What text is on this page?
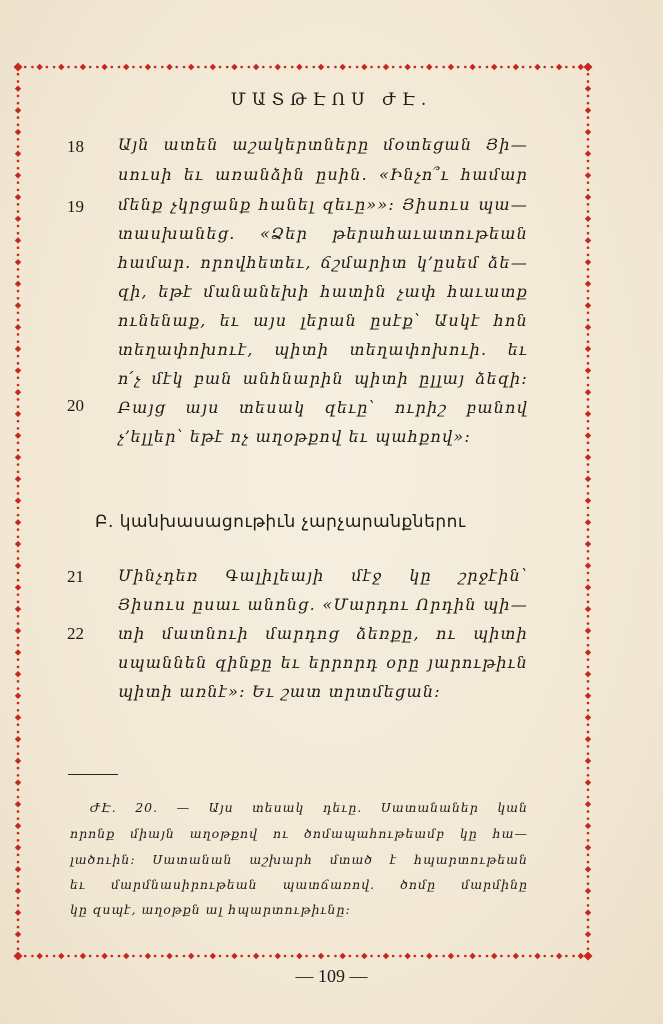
ՄԱՏԹԷՈՍ ԺԷ.
18
19
20
Այն ատեն աշակերտները մօտեցան Յի—
սուսի եւ առանձին ըսին. «Ինչո՞ւ համար
մենք չկրցանք հանել զեւը»»: Յիսուս պա—
տասխանեց. «Ձեր թերահաւատութեան
համար. որովհետեւ, ճշմարիտ կ՚ըսեմ ձե—
զի, եթէ մանանեխի հատին չափ հաւատք
ունենաք, եւ այս լերան ըսէք՝ Ասկէ հոն
տեղափոխուէ, պիտի տեղափոխուի. եւ
ո՛չ մէկ բան անհնարին պիտի ըլլայ ձեզի:
Բայց այս տեսակ զեւը՝ ուրիշ բանով
չ՚ելլեր՝ եթէ ոչ աղօթքով եւ պահքով»:
Բ. կանխասացութիւն չարչարանքներու
21
22
Մինչդեռ Գալիլեայի մէջ կը շրջէին՝
Յիսուս ըսաւ անոնց. «Մարդու Որդին պի—
տի մատնուի մարդոց ձեռքը, ու պիտի
սպաննեն զինքը եւ երրորդ օրը յարութիւն
պիտի առնէ»: Եւ շատ տրտմեցան:
ԺԷ. 20. — Այս տեսակ դեւը. Սատանաներ կան
որոնք միայն աղօթքով ու ծոմապահութեամբ կը հա—
լածուին: Սատանան աշխարհ մտած է հպարտութեան
եւ մարմնասիրութեան պատճառով. ծոմը մարմինը
կը զսպէ, աղօթքն ալ հպարտութիւնը:
— 109 —
